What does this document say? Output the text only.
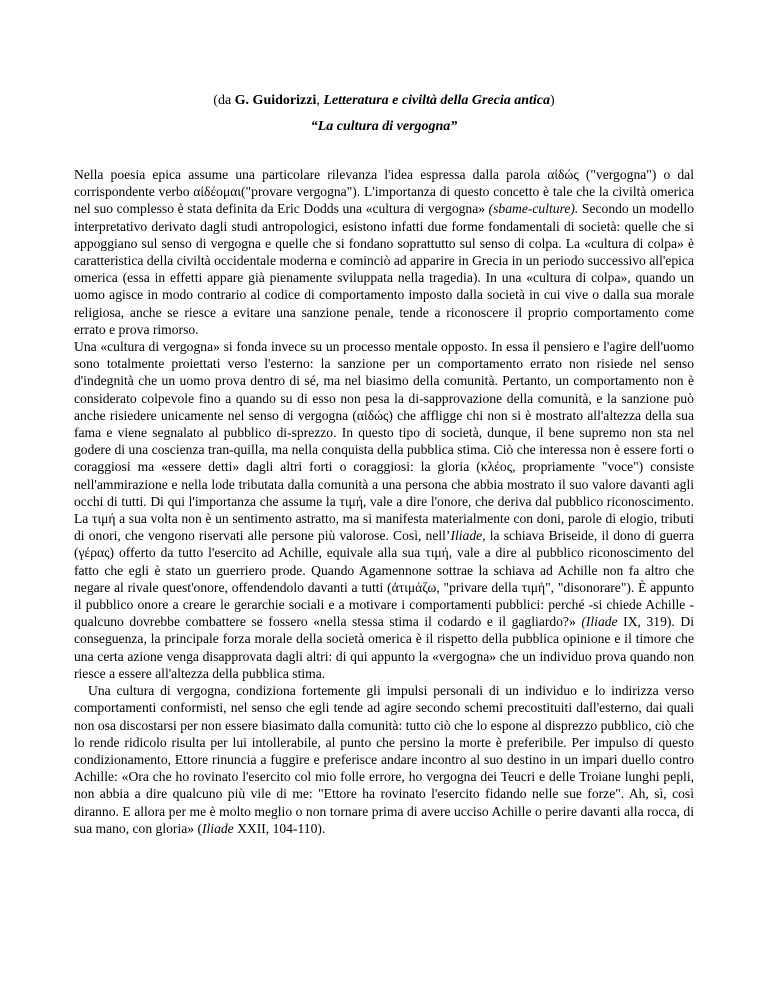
(da G. Guidorizzi, Letteratura e civiltà della Grecia antica)

“La cultura di vergogna”

Nella poesia epica assume una particolare rilevanza l'idea espressa dalla parola αἰδώς ("vergogna") o dal corrispondente verbo αἰδέομαι("provare vergogna"). L'importanza di questo concetto è tale che la civiltà omerica nel suo complesso è stata definita da Eric Dodds una «cultura di vergogna» (sbame-culture). Secondo un modello interpretativo derivato dagli studi antropologici, esistono infatti due forme fondamentali di società: quelle che si appoggiano sul senso di vergogna e quelle che si fondano soprattutto sul senso di colpa. La «cultura di colpa» è caratteristica della civiltà occidentale moderna e cominciò ad apparire in Grecia in un periodo successivo all'epica omerica (essa in effetti appare già pienamente sviluppata nella tragedia). In una «cultura di colpa», quando un uomo agisce in modo contrario al codice di comportamento imposto dalla società in cui vive o dalla sua morale religiosa, anche se riesce a evitare una sanzione penale, tende a riconoscere il proprio comportamento come errato e prova rimorso.

Una «cultura di vergogna» si fonda invece su un processo mentale opposto. In essa il pensiero e l'agire dell'uomo sono totalmente proiettati verso l'esterno: la sanzione per un comportamento errato non risiede nel senso d'indegnità che un uomo prova dentro di sé, ma nel biasimo della comunità. Pertanto, un comportamento non è considerato colpevole fino a quando su di esso non pesa la di-sapprovazione della comunità, e la sanzione può anche risiedere unicamente nel senso di vergogna (αἰδώς) che affligge chi non si è mostrato all'altezza della sua fama e viene segnalato al pubblico di-sprezzo. In questo tipo di società, dunque, il bene supremo non sta nel godere di una coscienza tran-quilla, ma nella conquista della pubblica stima. Ciò che interessa non è essere forti o coraggiosi ma «essere detti» dagli altri forti o coraggiosi: la gloria (κλέος, propriamente "voce") consiste nell'ammirazione e nella lode tributata dalla comunità a una persona che abbia mostrato il suo valore davanti agli occhi di tutti. Di qui l'importanza che assume la τιμή, vale a dire l'onore, che deriva dal pubblico riconoscimento. La τιμή a sua volta non è un sentimento astratto, ma si manifesta materialmente con doni, parole di elogio, tributi di onori, che vengono riservati alle persone più valorose. Così, nell’Iliade, la schiava Briseide, il dono di guerra (γέρας) offerto da tutto l'esercito ad Achille, equivale alla sua τιμή, vale a dire al pubblico riconoscimento del fatto che egli è stato un guerriero prode. Quando Agamennone sottrae la schiava ad Achille non fa altro che negare al rivale quest'onore, offendendolo davanti a tutti (ἀτιμάζω, "privare della τιμή", "disonorare"). È appunto il pubblico onore a creare le gerarchie sociali e a motivare i comportamenti pubblici: perché -si chiede Achille - qualcuno dovrebbe combattere se fossero «nella stessa stima il codardo e il gagliardo?» (Iliade IX, 319). Di conseguenza, la principale forza morale della società omerica è il rispetto della pubblica opinione e il timore che una certa azione venga disapprovata dagli altri: di qui appunto la «vergogna» che un individuo prova quando non riesce a essere all'altezza della pubblica stima.

Una cultura di vergogna, condiziona fortemente gli impulsi personali di un individuo e lo indirizza verso comportamenti conformisti, nel senso che egli tende ad agire secondo schemi precostituiti dall'esterno, dai quali non osa discostarsi per non essere biasimato dalla comunità: tutto ciò che lo espone al disprezzo pubblico, ciò che lo rende ridicolo risulta per lui intollerabile, al punto che persino la morte è preferibile. Per impulso di questo condizionamento, Ettore rinuncia a fuggire e preferisce andare incontro al suo destino in un impari duello contro Achille: «Ora che ho rovinato l'esercito col mio folle errore, ho vergogna dei Teucri e delle Troiane lunghi pepli, non abbia a dire qualcuno più vile di me: "Ettore ha rovinato l'esercito fidando nelle sue forze". Ah, sì, così diranno. E allora per me è molto meglio o non tornare prima di avere ucciso Achille o perire davanti alla rocca, di sua mano, con gloria» (Iliade XXII, 104-110).
